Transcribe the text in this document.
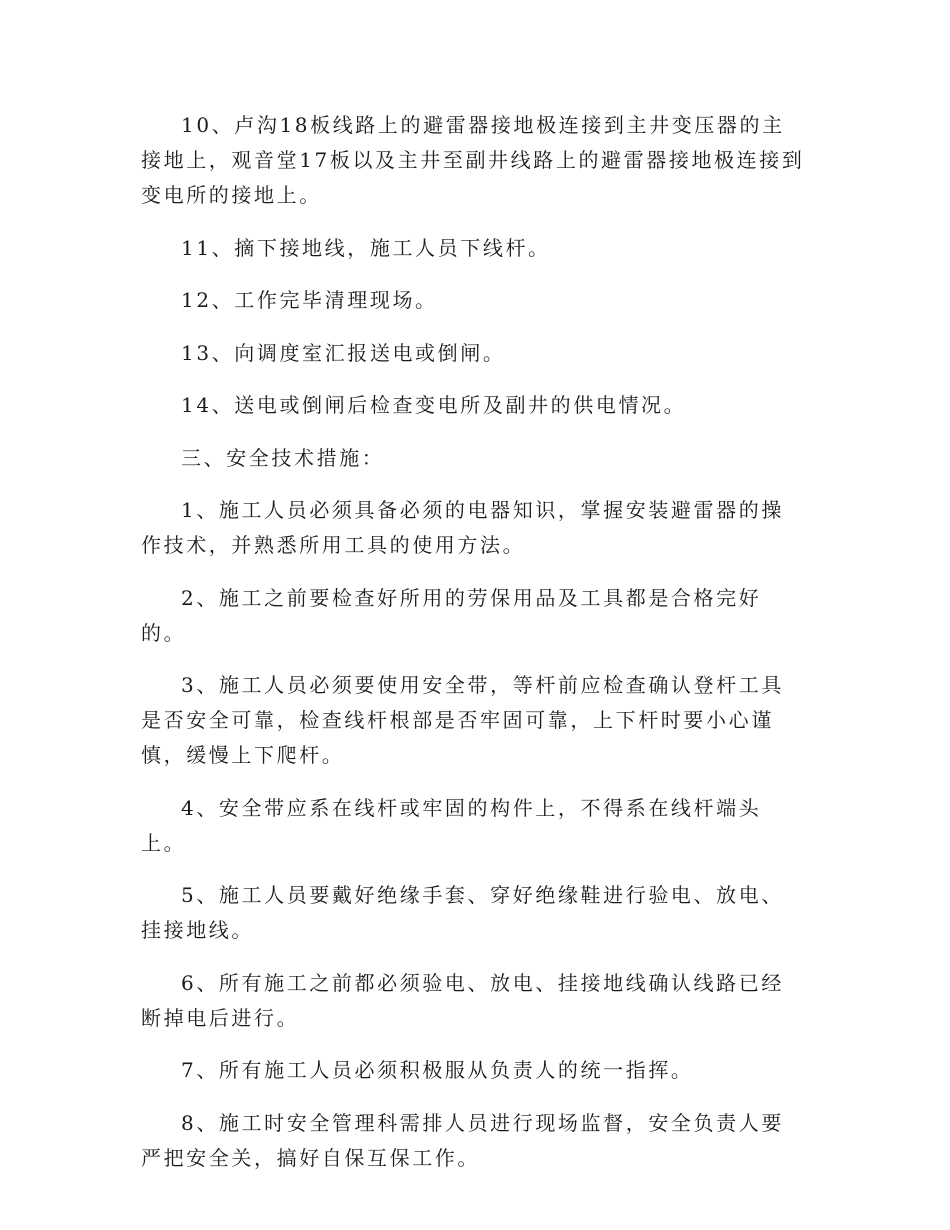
10、卢沟18板线路上的避雷器接地极连接到主井变压器的主接地上，观音堂17板以及主井至副井线路上的避雷器接地极连接到变电所的接地上。

11、摘下接地线，施工人员下线杆。

12、工作完毕清理现场。

13、向调度室汇报送电或倒闸。

14、送电或倒闸后检查变电所及副井的供电情况。

三、安全技术措施：

1、施工人员必须具备必须的电器知识，掌握安装避雷器的操作技术，并熟悉所用工具的使用方法。

2、施工之前要检查好所用的劳保用品及工具都是合格完好的。

3、施工人员必须要使用安全带，等杆前应检查确认登杆工具是否安全可靠，检查线杆根部是否牢固可靠，上下杆时要小心谨慎，缓慢上下爬杆。

4、安全带应系在线杆或牢固的构件上，不得系在线杆端头上。

5、施工人员要戴好绝缘手套、穿好绝缘鞋进行验电、放电、挂接地线。

6、所有施工之前都必须验电、放电、挂接地线确认线路已经断掉电后进行。

7、所有施工人员必须积极服从负责人的统一指挥。

8、施工时安全管理科需排人员进行现场监督，安全负责人要严把安全关，搞好自保互保工作。
